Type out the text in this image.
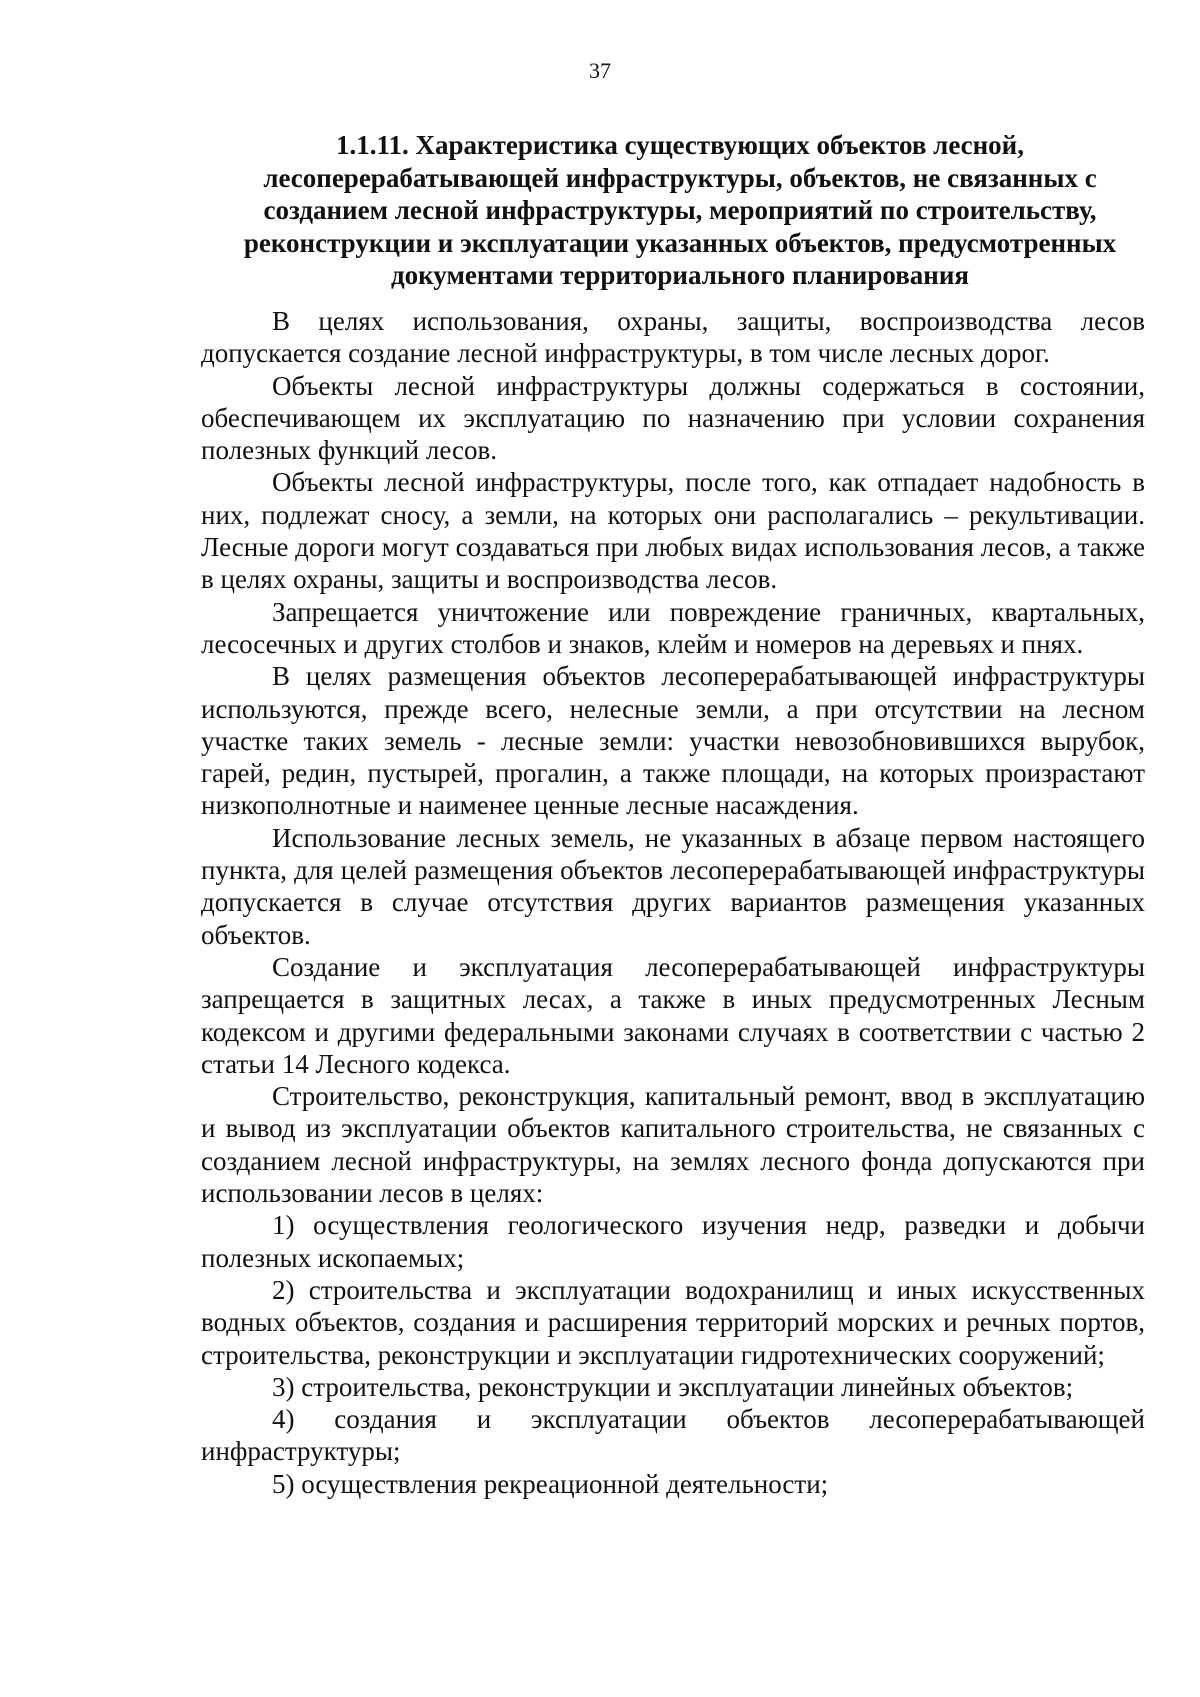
37
1.1.11. Характеристика существующих объектов лесной,
лесоперерабатывающей инфраструктуры, объектов, не связанных с
созданием лесной инфраструктуры, мероприятий по строительству,
реконструкции и эксплуатации указанных объектов, предусмотренных
документами территориального планирования

В целях использования, охраны, защиты, воспроизводства лесов допускается создание лесной инфраструктуры, в том числе лесных дорог.

Объекты лесной инфраструктуры должны содержаться в состоянии, обеспечивающем их эксплуатацию по назначению при условии сохранения полезных функций лесов.

Объекты лесной инфраструктуры, после того, как отпадает надобность в них, подлежат сносу, а земли, на которых они располагались – рекультивации. Лесные дороги могут создаваться при любых видах использования лесов, а также в целях охраны, защиты и воспроизводства лесов.

Запрещается уничтожение или повреждение граничных, квартальных, лесосечных и других столбов и знаков, клейм и номеров на деревьях и пнях.

В целях размещения объектов лесоперерабатывающей инфраструктуры используются, прежде всего, нелесные земли, а при отсутствии на лесном участке таких земель - лесные земли: участки невозобновившихся вырубок, гарей, редин, пустырей, прогалин, а также площади, на которых произрастают низкополнотные и наименее ценные лесные насаждения.

Использование лесных земель, не указанных в абзаце первом настоящего пункта, для целей размещения объектов лесоперерабатывающей инфраструктуры допускается в случае отсутствия других вариантов размещения указанных объектов.

Создание и эксплуатация лесоперерабатывающей инфраструктуры запрещается в защитных лесах, а также в иных предусмотренных Лесным кодексом и другими федеральными законами случаях в соответствии с частью 2 статьи 14 Лесного кодекса.

Строительство, реконструкция, капитальный ремонт, ввод в эксплуатацию и вывод из эксплуатации объектов капитального строительства, не связанных с созданием лесной инфраструктуры, на землях лесного фонда допускаются при использовании лесов в целях:

1) осуществления геологического изучения недр, разведки и добычи полезных ископаемых;

2) строительства и эксплуатации водохранилищ и иных искусственных водных объектов, создания и расширения территорий морских и речных портов, строительства, реконструкции и эксплуатации гидротехнических сооружений;

3) строительства, реконструкции и эксплуатации линейных объектов;

4) создания и эксплуатации объектов лесоперерабатывающей инфраструктуры;

5) осуществления рекреационной деятельности;
